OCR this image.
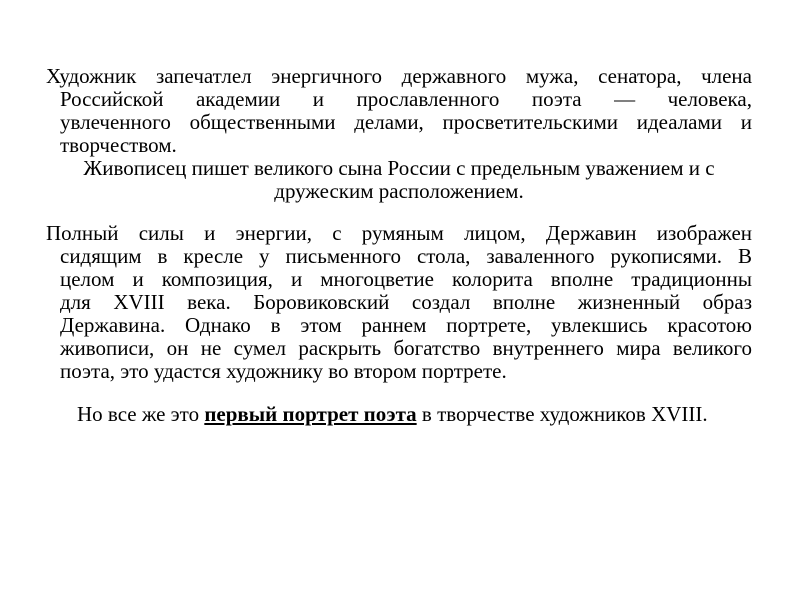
Художник запечатлел энергичного державного мужа, сенатора, члена
Российской академии и прославленного поэта — человека,
увлеченного общественными делами, просветительскими идеалами и
творчеством.
Живописец пишет великого сына России с предельным уважением и с
дружеским расположением.
Полный силы и энергии, с румяным лицом, Державин изображен
сидящим в кресле у письменного стола, заваленного рукописями. В
целом и композиция, и многоцветие колорита вполне традиционны
для XVIII века. Боровиковский создал вполне жизненный образ
Державина. Однако в этом раннем портрете, увлекшись красотою
живописи, он не сумел раскрыть богатство внутреннего мира великого
поэта, это удастся художнику во втором портрете.
Но все же это первый портрет поэта в творчестве художников XVIII.
